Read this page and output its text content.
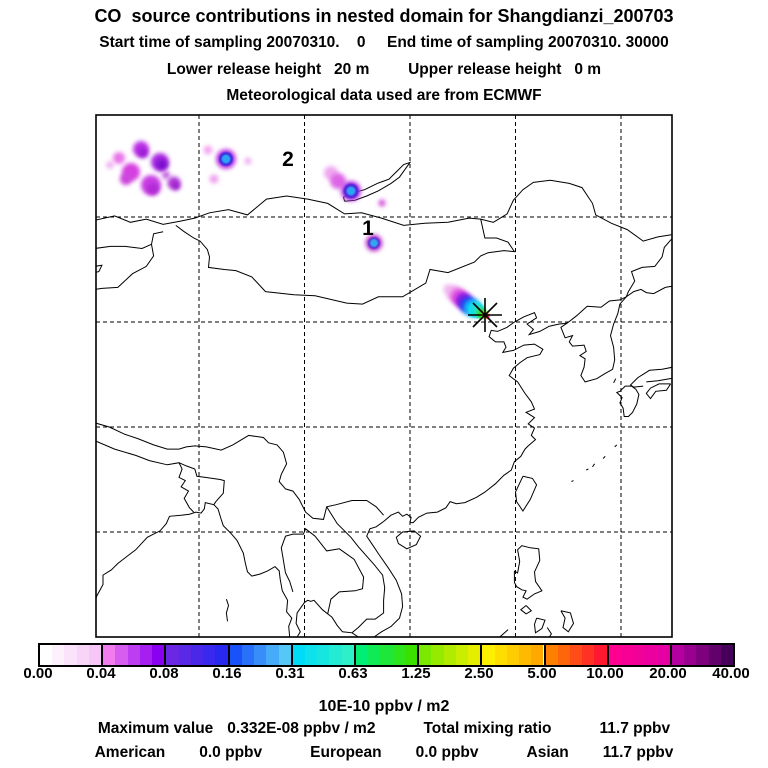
CO  source contributions in nested domain for Shangdianzi_200703
Start time of sampling 20070310.    0     End time of sampling 20070310. 30000
Lower release height   20 m         Upper release height   0 m
Meteorological data used are from ECMWF
2
1
0.00 0.04 0.08 0.16 0.31 0.63 1.25 2.50 5.00 10.00 20.00 40.00
10E-10 ppbv / m2
Maximum value 0.332E-08 ppbv / m2	Total mixing ratio	11.7 ppbv
American 0.0 ppbv	European 0.0 ppbv	Asian 11.7 ppbv
